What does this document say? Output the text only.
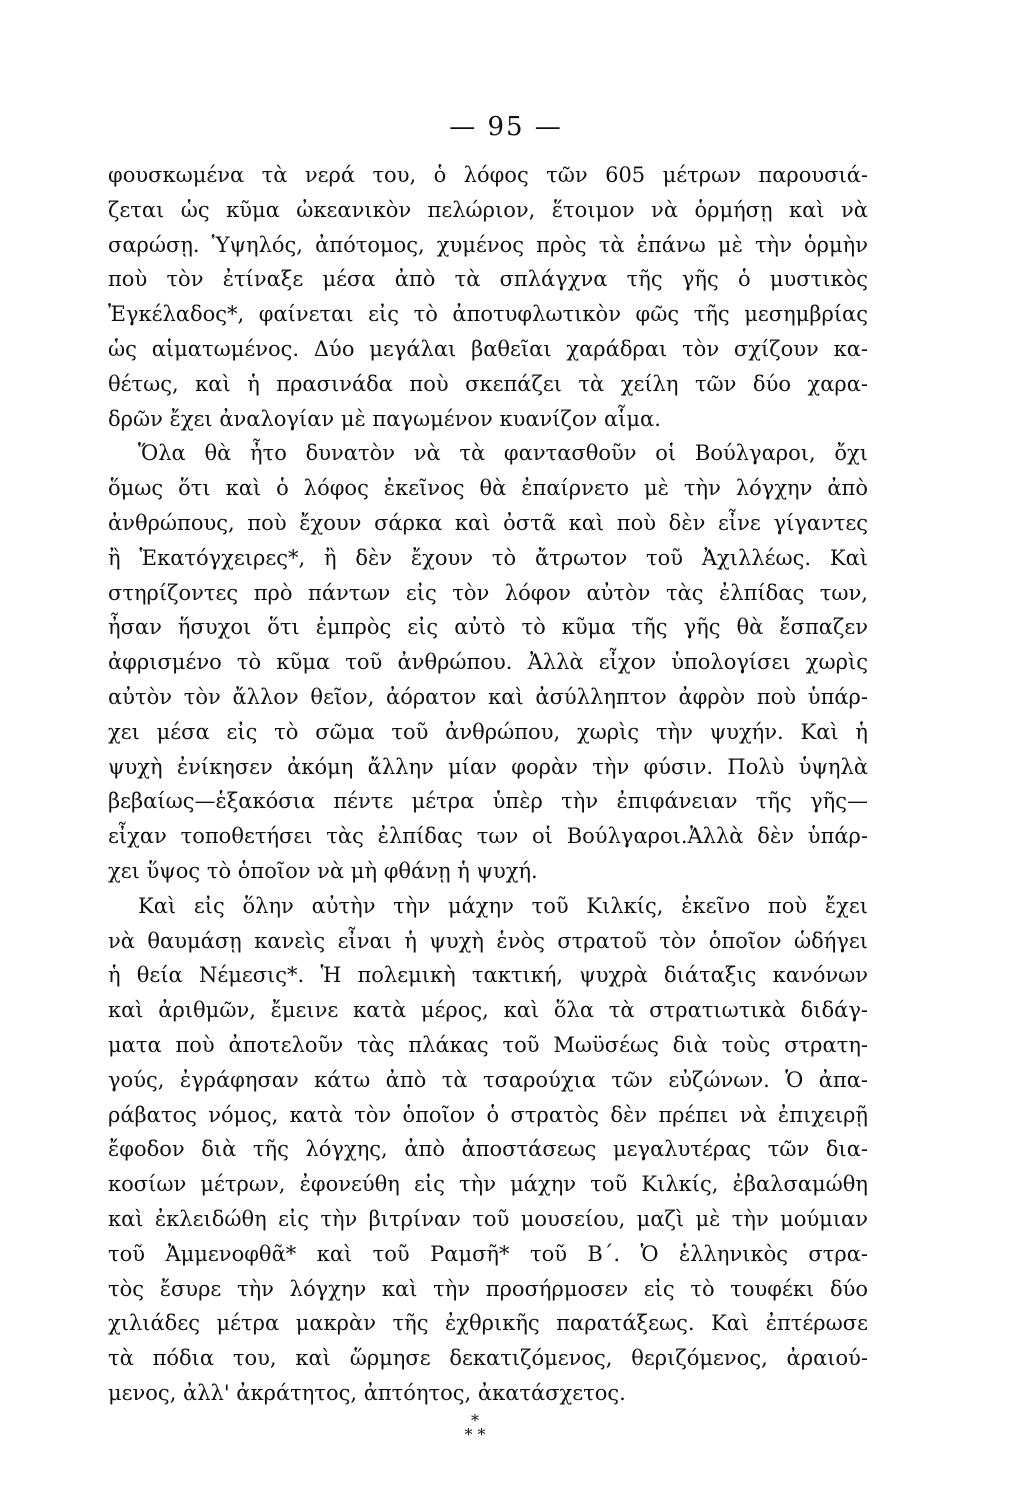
— 95 —
φουσκωμένα τὰ νερά του, ὁ λόφος τῶν 605 μέτρων παρουσιά-
ζεται ὡς κῦμα ὠκεανικὸν πελώριον, ἕτοιμον νὰ ὁρμήσῃ καὶ νὰ
σαρώσῃ. Ὑψηλός, ἀπότομος, χυμένος πρὸς τὰ ἐπάνω μὲ τὴν ὁρμὴν
ποὺ τὸν ἐτίναξε μέσα ἀπὸ τὰ σπλάγχνα τῆς γῆς ὁ μυστικὸς
Ἐγκέλαδος*, φαίνεται εἰς τὸ ἀποτυφλωτικὸν φῶς τῆς μεσημβρίας
ὡς αἱματωμένος. Δύο μεγάλαι βαθεῖαι χαράδραι τὸν σχίζουν κα-
θέτως, καὶ ἡ πρασινάδα ποὺ σκεπάζει τὰ χείλη τῶν δύο χαρα-
δρῶν ἔχει ἀναλογίαν μὲ παγωμένον κυανίζον αἷμα.
Ὅλα θὰ ἦτο δυνατὸν νὰ τὰ φαντασθοῦν οἱ Βούλγαροι, ὄχι
ὅμως ὅτι καὶ ὁ λόφος ἐκεῖνος θὰ ἐπαίρνετο μὲ τὴν λόγχην ἀπὸ
ἀνθρώπους, ποὺ ἔχουν σάρκα καὶ ὀστᾶ καὶ ποὺ δὲν εἶνε γίγαντες
ἢ Ἑκατόγχειρες*, ἢ δὲν ἔχουν τὸ ἄτρωτον τοῦ Ἀχιλλέως. Καὶ
στηρίζοντες πρὸ πάντων εἰς τὸν λόφον αὐτὸν τὰς ἐλπίδας των,
ἦσαν ἥσυχοι ὅτι ἐμπρὸς εἰς αὐτὸ τὸ κῦμα τῆς γῆς θὰ ἔσπαζεν
ἀφρισμένο τὸ κῦμα τοῦ ἀνθρώπου. Ἀλλὰ εἶχον ὑπολογίσει χωρὶς
αὐτὸν τὸν ἄλλον θεῖον, ἀόρατον καὶ ἀσύλληπτον ἀφρὸν ποὺ ὑπάρ-
χει μέσα εἰς τὸ σῶμα τοῦ ἀνθρώπου, χωρὶς τὴν ψυχήν. Καὶ ἡ
ψυχὴ ἐνίκησεν ἀκόμη ἄλλην μίαν φορὰν τὴν φύσιν. Πολὺ ὑψηλὰ
βεβαίως—ἑξακόσια πέντε μέτρα ὑπὲρ τὴν ἐπιφάνειαν τῆς γῆς—
εἶχαν τοποθετήσει τὰς ἐλπίδας των οἱ Βούλγαροι.Ἀλλὰ δὲν ὑπάρ-
χει ὕψος τὸ ὁποῖον νὰ μὴ φθάνῃ ἡ ψυχή.
Καὶ εἰς ὅλην αὐτὴν τὴν μάχην τοῦ Κιλκίς, ἐκεῖνο ποὺ ἔχει
νὰ θαυμάσῃ κανεὶς εἶναι ἡ ψυχὴ ἑνὸς στρατοῦ τὸν ὁποῖον ὡδήγει
ἡ θεία Νέμεσις*. Ἡ πολεμικὴ τακτική, ψυχρὰ διάταξις κανόνων
καὶ ἀριθμῶν, ἔμεινε κατὰ μέρος, καὶ ὅλα τὰ στρατιωτικὰ διδάγ-
ματα ποὺ ἀποτελοῦν τὰς πλάκας τοῦ Μωϋσέως διὰ τοὺς στρατη-
γούς, ἐγράφησαν κάτω ἀπὸ τὰ τσαρούχια τῶν εὐζώνων. Ὁ ἀπα-
ράβατος νόμος, κατὰ τὸν ὁποῖον ὁ στρατὸς δὲν πρέπει νὰ ἐπιχειρῇ
ἔφοδον διὰ τῆς λόγχης, ἀπὸ ἀποστάσεως μεγαλυτέρας τῶν δια-
κοσίων μέτρων, ἐφονεύθη εἰς τὴν μάχην τοῦ Κιλκίς, ἐβαλσαμώθη
καὶ ἐκλειδώθη εἰς τὴν βιτρίναν τοῦ μουσείου, μαζὶ μὲ τὴν μούμιαν
τοῦ Ἀμμενοφθᾶ* καὶ τοῦ Ραμσῆ* τοῦ Β΄. Ὁ ἑλληνικὸς στρα-
τὸς ἔσυρε τὴν λόγχην καὶ τὴν προσήρμοσεν εἰς τὸ τουφέκι δύο
χιλιάδες μέτρα μακρὰν τῆς ἐχθρικῆς παρατάξεως. Καὶ ἐπτέρωσε
τὰ πόδια του, καὶ ὥρμησε δεκατιζόμενος, θεριζόμενος, ἀραιού-
μενος, ἀλλ' ἀκράτητος, ἀπτόητος, ἀκατάσχετος.
*
* *
